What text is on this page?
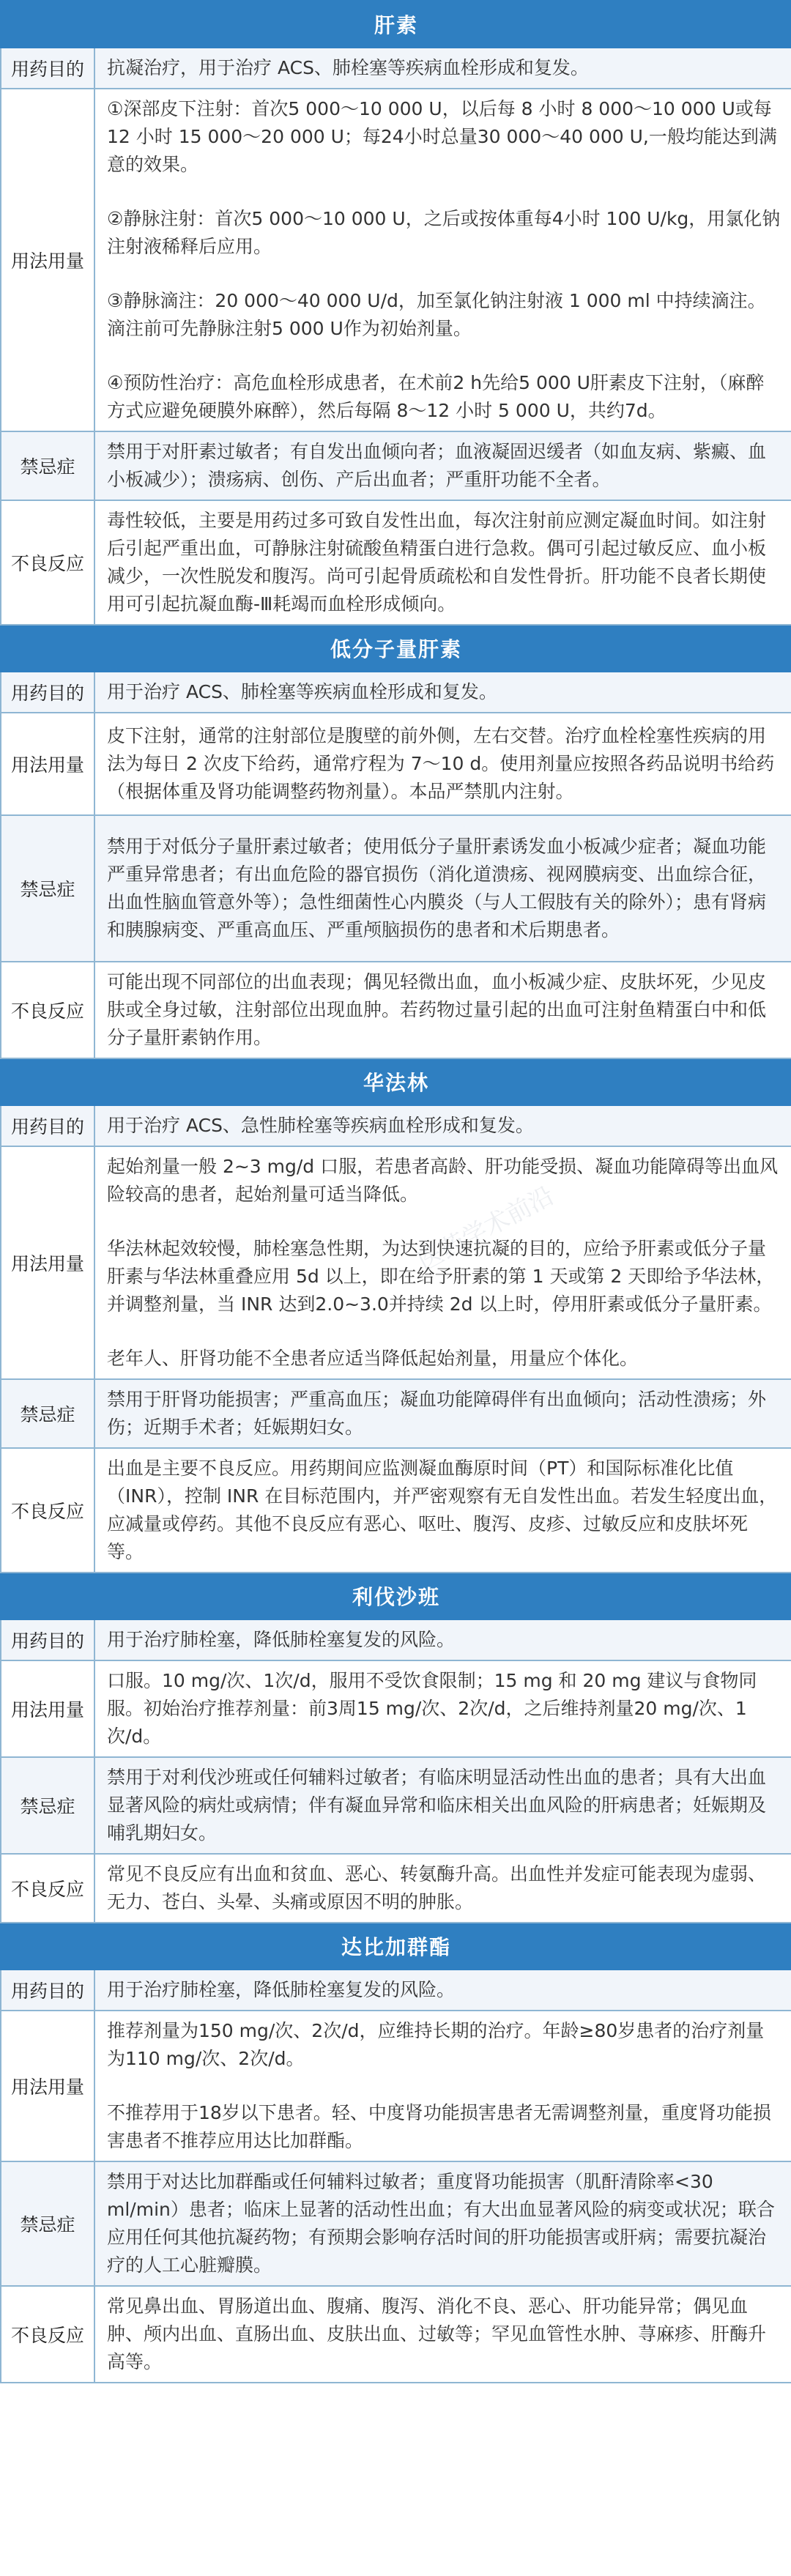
肝素	
用药目的	抗凝治疗，用于治疗 ACS、肺栓塞等疾病血栓形成和复发。

用法用量	①深部皮下注射：首次5 000～10 000 U，以后每 8 小时 8 000～10 000 U或每 12 小时 15 000～20 000 U；每24小时总量30 000～40 000 U,一般均能达到满意的效果。

②静脉注射：首次5 000～10 000 U，之后或按体重每4小时 100 U/kg，用氯化钠注射液稀释后应用。

③静脉滴注：20 000～40 000 U/d，加至氯化钠注射液 1 000 ml 中持续滴注。滴注前可先静脉注射5 000 U作为初始剂量。

④预防性治疗：高危血栓形成患者，在术前2 h先给5 000 U肝素皮下注射，（麻醉方式应避免硬膜外麻醉），然后每隔 8～12 小时 5 000 U，共约7d。

禁忌症	禁用于对肝素过敏者；有自发出血倾向者；血液凝固迟缓者（如血友病、紫癜、血小板减少）；溃疡病、创伤、产后出血者；严重肝功能不全者。

不良反应	毒性较低，主要是用药过多可致自发性出血，每次注射前应测定凝血时间。如注射后引起严重出血，可静脉注射硫酸鱼精蛋白进行急救。偶可引起过敏反应、血小板减少，一次性脱发和腹泻。尚可引起骨质疏松和自发性骨折。肝功能不良者长期使用可引起抗凝血酶-Ⅲ耗竭而血栓形成倾向。

低分子量肝素	
用药目的	用于治疗 ACS、肺栓塞等疾病血栓形成和复发。

用法用量	皮下注射，通常的注射部位是腹壁的前外侧，左右交替。治疗血栓栓塞性疾病的用法为每日 2 次皮下给药，通常疗程为 7～10 d。使用剂量应按照各药品说明书给药（根据体重及肾功能调整药物剂量）。本品严禁肌内注射。

禁忌症	禁用于对低分子量肝素过敏者；使用低分子量肝素诱发血小板减少症者；凝血功能严重异常患者；有出血危险的器官损伤（消化道溃疡、视网膜病变、出血综合征，出血性脑血管意外等）；急性细菌性心内膜炎（与人工假肢有关的除外）；患有肾病和胰腺病变、严重高血压、严重颅脑损伤的患者和术后期患者。

不良反应	可能出现不同部位的出血表现；偶见轻微出血，血小板减少症、皮肤坏死，少见皮肤或全身过敏，注射部位出现血肿。若药物过量引起的出血可注射鱼精蛋白中和低分子量肝素钠作用。

华法林	
用药目的	用于治疗 ACS、急性肺栓塞等疾病血栓形成和复发。

用法用量	起始剂量一般 2~3 mg/d 口服，若患者高龄、肝功能受损、凝血功能障碍等出血风险较高的患者，起始剂量可适当降低。

华法林起效较慢，肺栓塞急性期，为达到快速抗凝的目的，应给予肝素或低分子量肝素与华法林重叠应用 5d 以上，即在给予肝素的第 1 天或第 2 天即给予华法林，并调整剂量，当 INR 达到2.0~3.0并持续 2d 以上时，停用肝素或低分子量肝素。

老年人、肝肾功能不全患者应适当降低起始剂量，用量应个体化。

禁忌症	禁用于肝肾功能损害；严重高血压；凝血功能障碍伴有出血倾向；活动性溃疡；外伤；近期手术者；妊娠期妇女。

不良反应	出血是主要不良反应。用药期间应监测凝血酶原时间（PT）和国际标准化比值（INR），控制 INR 在目标范围内，并严密观察有无自发性出血。若发生轻度出血，应减量或停药。其他不良反应有恶心、呕吐、腹泻、皮疹、过敏反应和皮肤坏死等。

利伐沙班	
用药目的	用于治疗肺栓塞，降低肺栓塞复发的风险。

用法用量	口服。10 mg/次、1次/d，服用不受饮食限制；15 mg 和 20 mg 建议与食物同服。初始治疗推荐剂量：前3周15 mg/次、2次/d，之后维持剂量20 mg/次、1次/d。

禁忌症	禁用于对利伐沙班或任何辅料过敏者；有临床明显活动性出血的患者；具有大出血显著风险的病灶或病情；伴有凝血异常和临床相关出血风险的肝病患者；妊娠期及哺乳期妇女。

不良反应	常见不良反应有出血和贫血、恶心、转氨酶升高。出血性并发症可能表现为虚弱、无力、苍白、头晕、头痛或原因不明的肿胀。

达比加群酯	
用药目的	用于治疗肺栓塞，降低肺栓塞复发的风险。

用法用量	推荐剂量为150 mg/次、2次/d，应维持长期的治疗。年龄≥80岁患者的治疗剂量为110 mg/次、2次/d。

不推荐用于18岁以下患者。轻、中度肾功能损害患者无需调整剂量，重度肾功能损害患者不推荐应用达比加群酯。

禁忌症	禁用于对达比加群酯或任何辅料过敏者；重度肾功能损害（肌酐清除率<30 ml/min）患者；临床上显著的活动性出血；有大出血显著风险的病变或状况；联合应用任何其他抗凝药物；有预期会影响存活时间的肝功能损害或肝病；需要抗凝治疗的人工心脏瓣膜。

不良反应	常见鼻出血、胃肠道出血、腹痛、腹泻、消化不良、恶心、肝功能异常；偶见血肿、颅内出血、直肠出血、皮肤出血、过敏等；罕见血管性水肿、荨麻疹、肝酶升高等。

医药学术前沿
